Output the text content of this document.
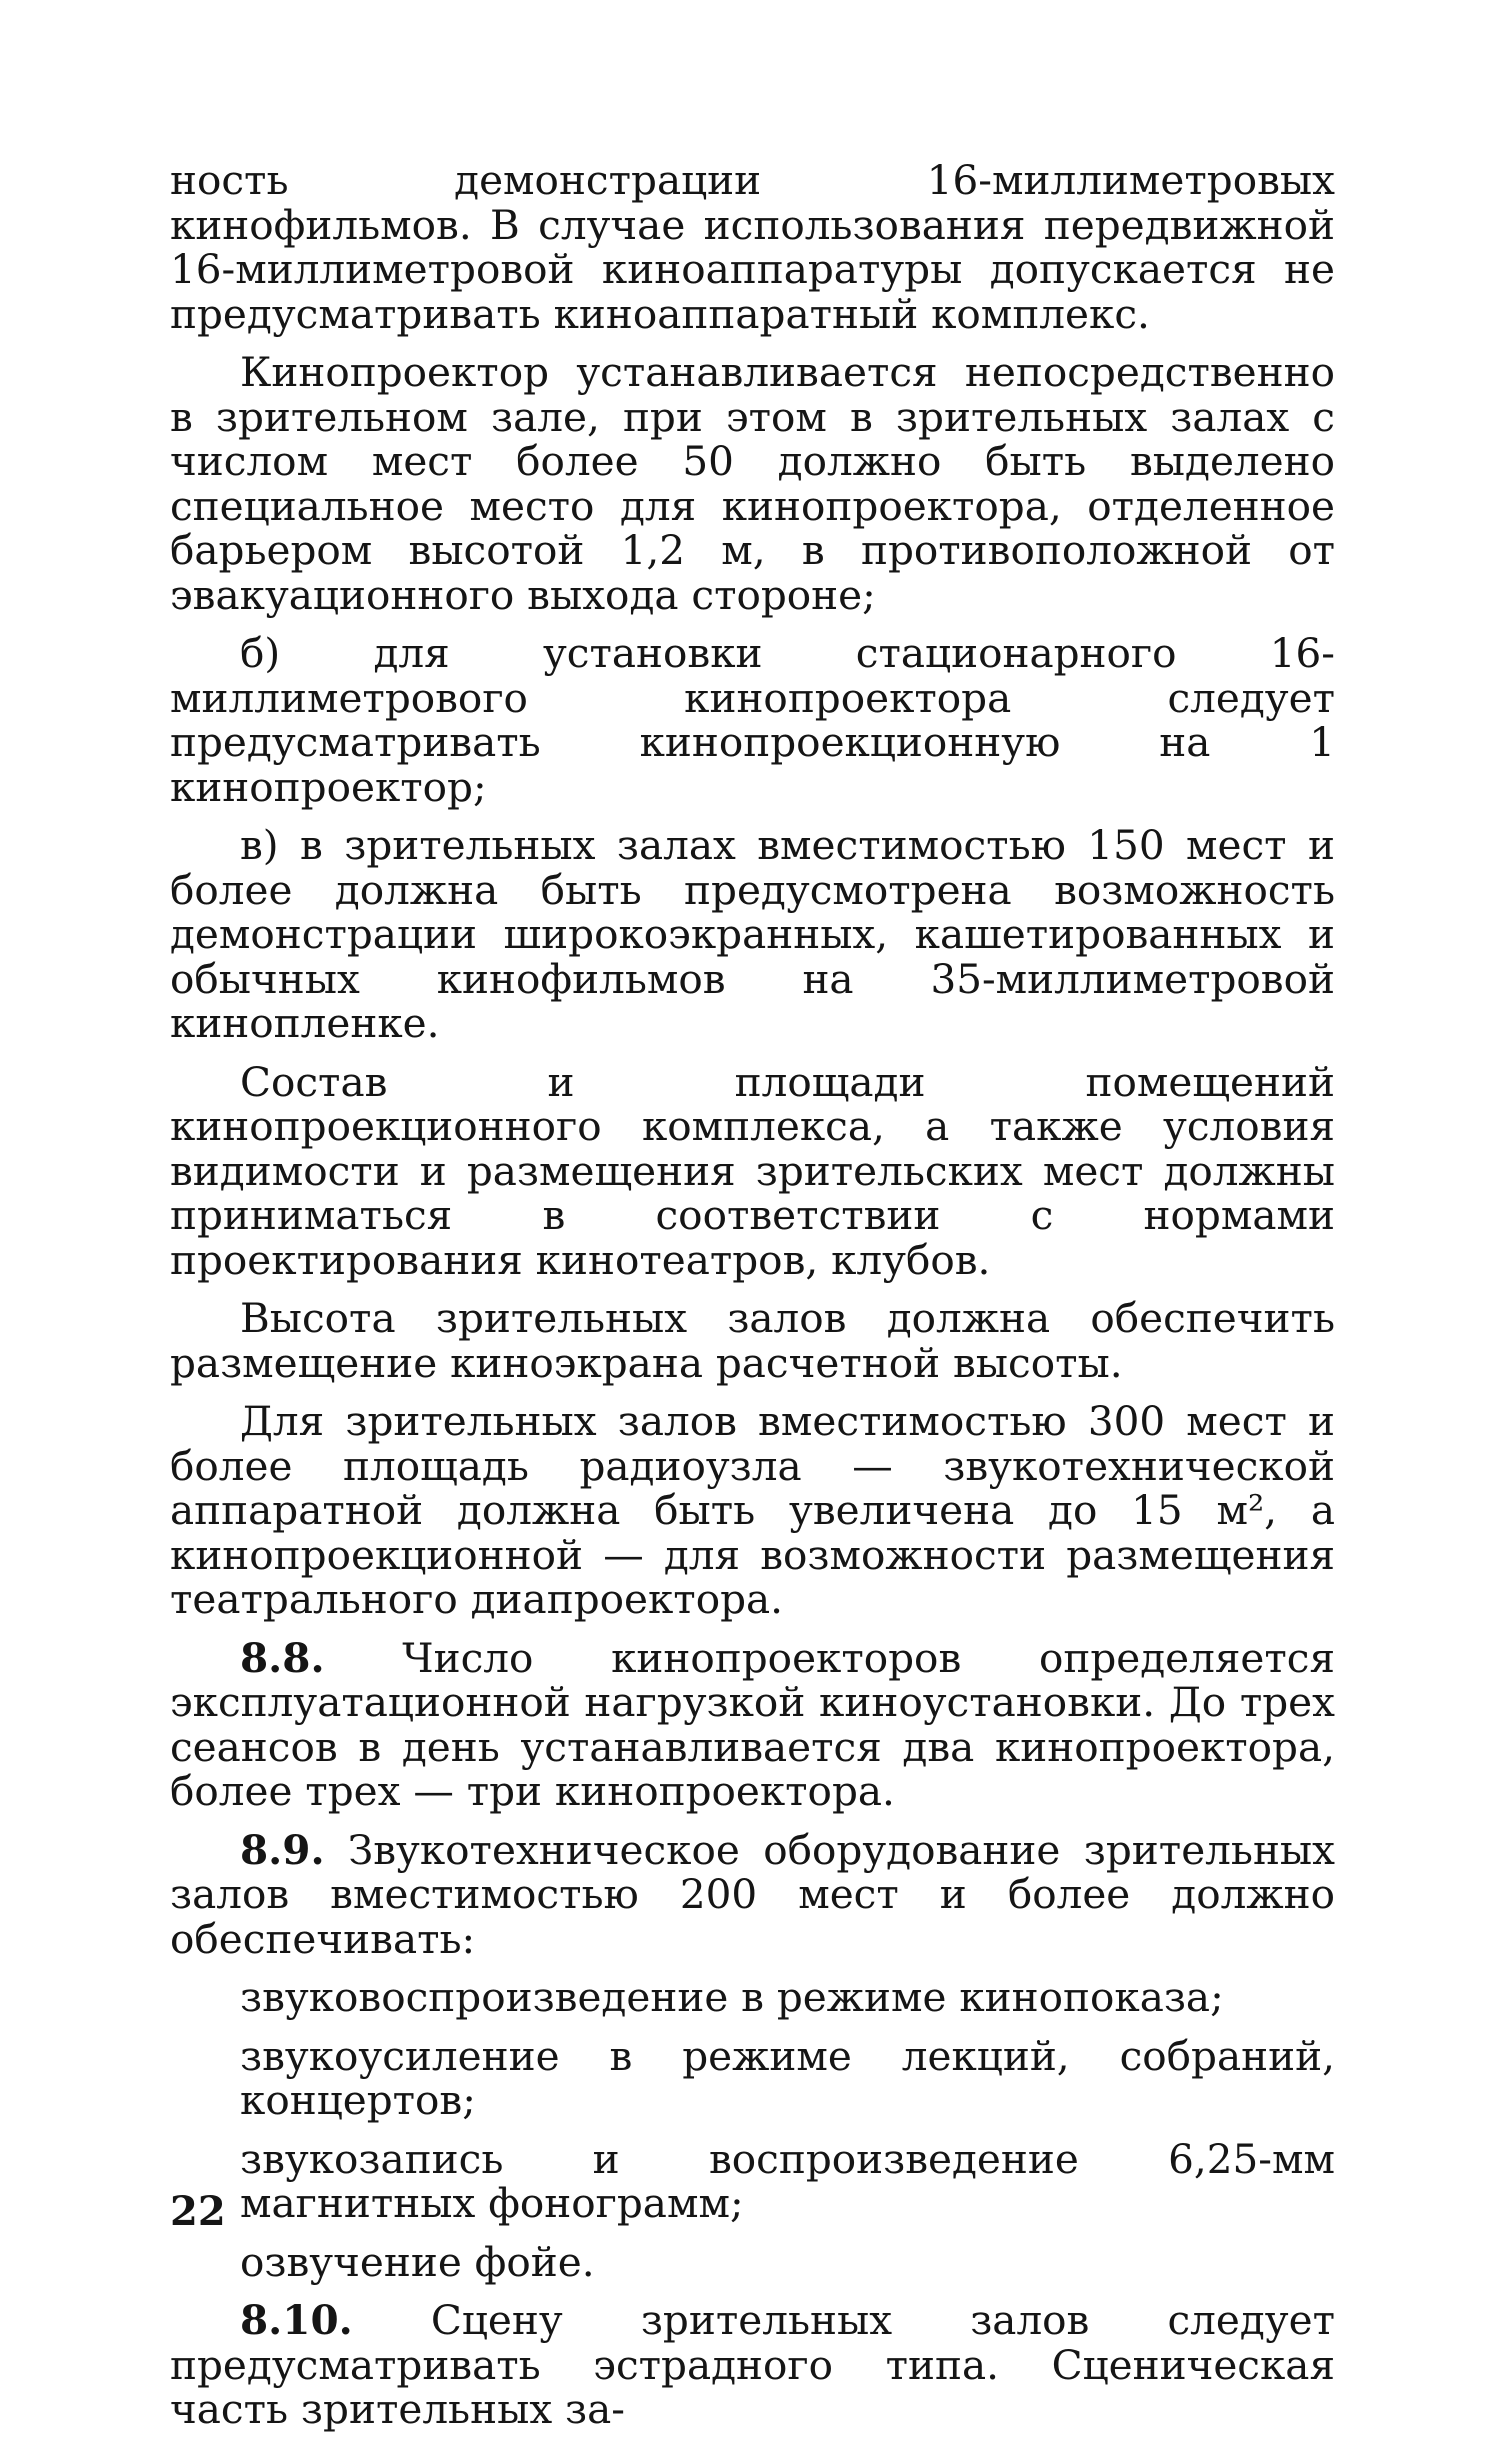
ность демонстрации 16-миллиметровых кинофильмов. В случае использования передвижной 16-миллиметровой киноаппаратуры допускается не предусматривать киноаппаратный комплекс.

Кинопроектор устанавливается непосредственно в зрительном зале, при этом в зрительных залах с числом мест более 50 должно быть выделено специальное место для кинопроектора, отделенное барьером высотой 1,2 м, в противоположной от эвакуационного выхода стороне;

б) для установки стационарного 16-миллиметрового кинопроектора следует предусматривать кинопроекционную на 1 кинопроектор;

в) в зрительных залах вместимостью 150 мест и более должна быть предусмотрена возможность демонстрации широкоэкранных, кашетированных и обычных кинофильмов на 35-миллиметровой кинопленке.

Состав и площади помещений кинопроекционного комплекса, а также условия видимости и размещения зрительских мест должны приниматься в соответствии с нормами проектирования кинотеатров, клубов.

Высота зрительных залов должна обеспечить размещение киноэкрана расчетной высоты.

Для зрительных залов вместимостью 300 мест и более площадь радиоузла — звукотехнической аппаратной должна быть увеличена до 15 м², а кинопроекционной — для возможности размещения театрального диапроектора.

8.8. Число кинопроекторов определяется эксплуатационной нагрузкой киноустановки. До трех сеансов в день устанавливается два кинопроектора, более трех — три кинопроектора.

8.9. Звукотехническое оборудование зрительных залов вместимостью 200 мест и более должно обеспечивать:

звуковоспроизведение в режиме кинопоказа;

звукоусиление в режиме лекций, собраний, концертов;

звукозапись и воспроизведение 6,25-мм магнитных фонограмм;

озвучение фойе.

8.10. Сцену зрительных залов следует предусматривать эстрадного типа. Сценическая часть зрительных за-

22
